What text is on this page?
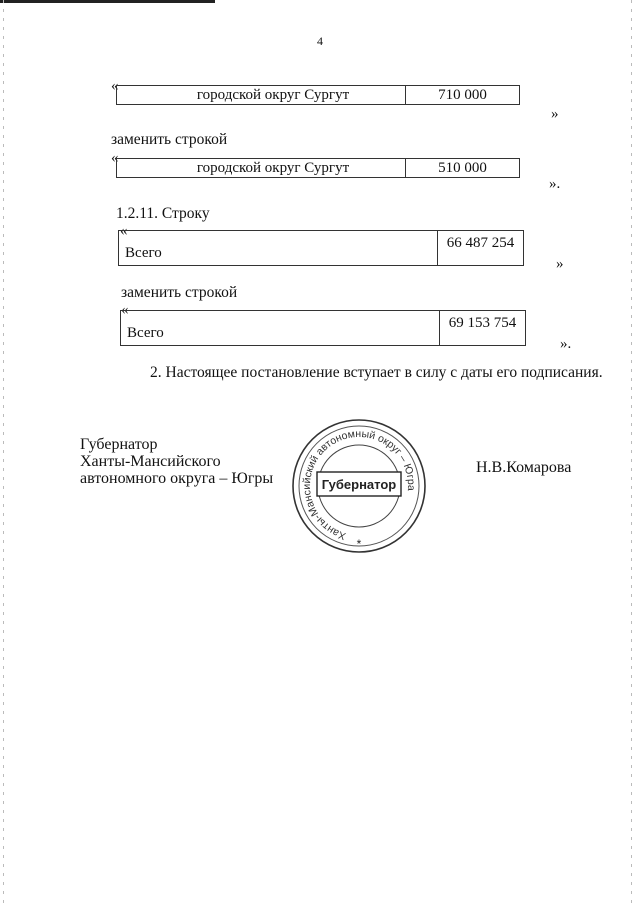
4
«
городской округ Сургут	710 000
»
заменить строкой
«
городской округ Сургут	510 000
».
1.2.11. Строку
«
Всего	66 487 254
»
заменить строкой
«
Всего	69 153 754
».
2. Настоящее постановление вступает в силу с даты его подписания.
Губернатор
Ханты-Мансийского
автономного округа – Югры
Н.В.Комарова
Ханты-Мансийский автономный округ – Югра
Губернатор
*
